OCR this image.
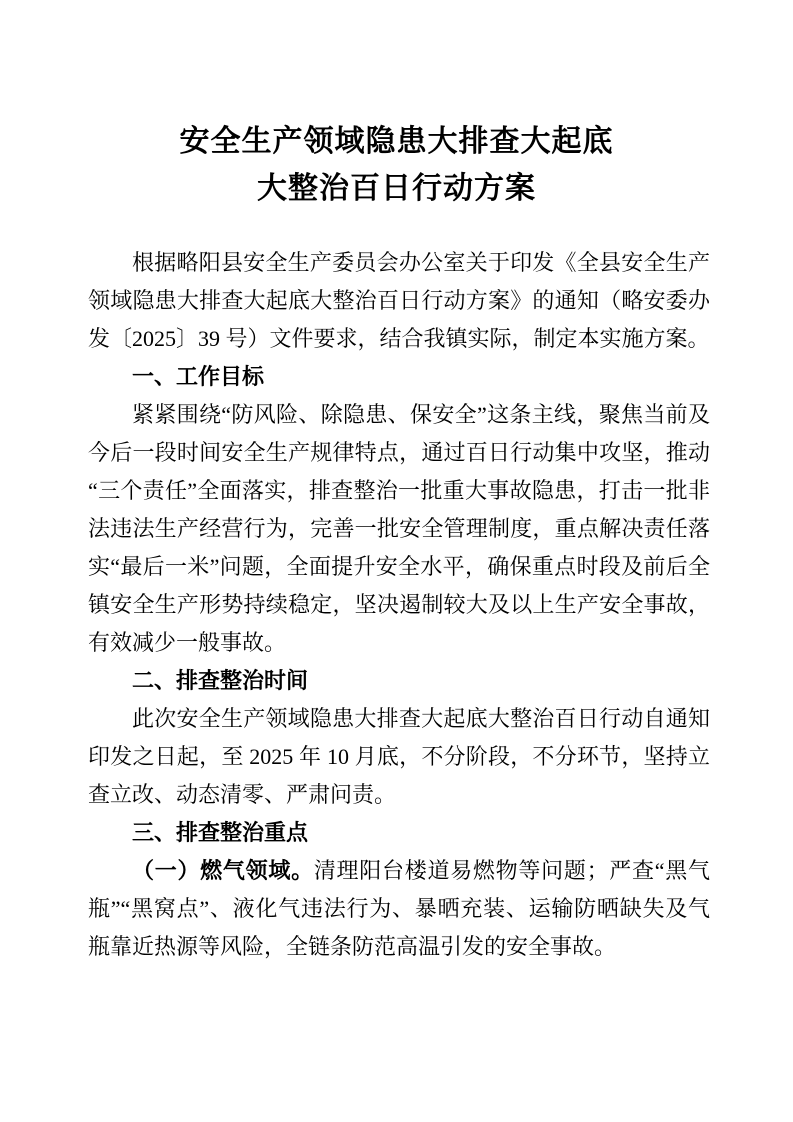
安全生产领域隐患大排查大起底
大整治百日行动方案

根据略阳县安全生产委员会办公室关于印发《全县安全生产领域隐患大排查大起底大整治百日行动方案》的通知（略安委办发〔2025〕39 号）文件要求，结合我镇实际，制定本实施方案。

一、工作目标

紧紧围绕“防风险、除隐患、保安全”这条主线，聚焦当前及今后一段时间安全生产规律特点，通过百日行动集中攻坚，推动“三个责任”全面落实，排查整治一批重大事故隐患，打击一批非法违法生产经营行为，完善一批安全管理制度，重点解决责任落实“最后一米”问题，全面提升安全水平，确保重点时段及前后全镇安全生产形势持续稳定，坚决遏制较大及以上生产安全事故，有效减少一般事故。

二、排查整治时间

此次安全生产领域隐患大排查大起底大整治百日行动自通知印发之日起，至 2025 年 10 月底，不分阶段，不分环节，坚持立查立改、动态清零、严肃问责。

三、排查整治重点

（一）燃气领域。清理阳台楼道易燃物等问题；严查“黑气瓶”“黑窝点”、液化气违法行为、暴晒充装、运输防晒缺失及气瓶靠近热源等风险，全链条防范高温引发的安全事故。
